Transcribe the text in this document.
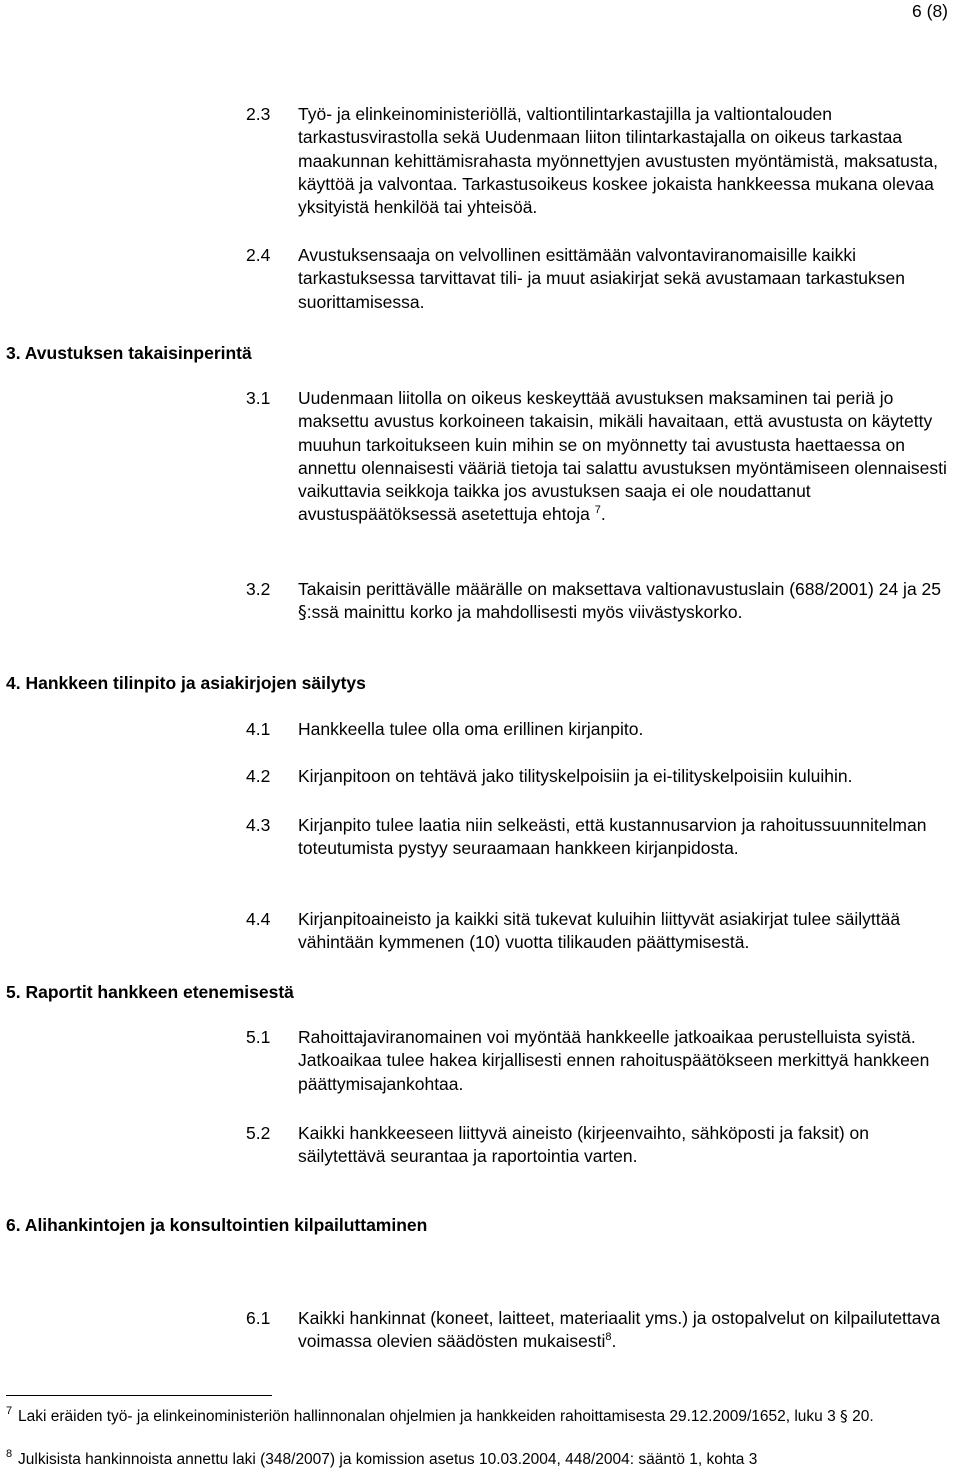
6 (8)
2.3 Työ- ja elinkeinoministeriöllä, valtiontilintarkastajilla ja valtiontalouden tarkastusvirastolla sekä Uudenmaan liiton tilintarkastajalla on oikeus tarkastaa maakunnan kehittämisrahasta myönnettyjen avustusten myöntämistä, maksatusta, käyttöä ja valvontaa. Tarkastusoikeus koskee jokaista hankkeessa mukana olevaa yksityistä henkilöä tai yhteisöä.
2.4 Avustuksensaaja on velvollinen esittämään valvontaviranomaisille kaikki tarkastuksessa tarvittavat tili- ja muut asiakirjat sekä avustamaan tarkastuksen suorittamisessa.
3. Avustuksen takaisinperintä
3.1 Uudenmaan liitolla on oikeus keskeyttää avustuksen maksaminen tai periä jo maksettu avustus korkoineen takaisin, mikäli havaitaan, että avustusta on käytetty muuhun tarkoitukseen kuin mihin se on myönnetty tai avustusta haettaessa on annettu olennaisesti vääriä tietoja tai salattu avustuksen myöntämiseen olennaisesti vaikuttavia seikkoja taikka jos avustuksen saaja ei ole noudattanut avustuspäätöksessä asetettuja ehtoja $^7$.
3.2 Takaisin perittävälle määrälle on maksettava valtionavustuslain (688/2001) 24 ja 25 §:ssä mainittu korko ja mahdollisesti myös viivästyskorko.
4. Hankkeen tilinpito ja asiakirjojen säilytys
4.1 Hankkeella tulee olla oma erillinen kirjanpito.
4.2 Kirjanpitoon on tehtävä jako tilityskelpoisiin ja ei-tilityskelpoisiin kuluihin.
4.3 Kirjanpito tulee laatia niin selkeästi, että kustannusarvion ja rahoitussuunnitelman toteutumista pystyy seuraamaan hankkeen kirjanpidosta.
4.4 Kirjanpitoaineisto ja kaikki sitä tukevat kuluihin liittyvät asiakirjat tulee säilyttää vähintään kymmenen (10) vuotta tilikauden päättymisestä.
5. Raportit hankkeen etenemisestä
5.1 Rahoittajaviranomainen voi myöntää hankkeelle jatkoaikaa perustelluista syistä. Jatkoaikaa tulee hakea kirjallisesti ennen rahoituspäätökseen merkittyä hankkeen päättymisajankohtaa.
5.2 Kaikki hankkeeseen liittyvä aineisto (kirjeenvaihto, sähköposti ja faksit) on säilytettävä seurantaa ja raportointia varten.
6. Alihankintojen ja konsultointien kilpailuttaminen
6.1 Kaikki hankinnat (koneet, laitteet, materiaalit yms.) ja ostopalvelut on kilpailutettava voimassa olevien säädösten mukaisesti$^8$.
7 Laki eräiden työ- ja elinkeinoministeriön hallinnonalan ohjelmien ja hankkeiden rahoittamisesta 29.12.2009/1652, luku 3 § 20.
8 Julkisista hankinnoista annettu laki (348/2007) ja komission asetus 10.03.2004, 448/2004: sääntö 1, kohta 3
